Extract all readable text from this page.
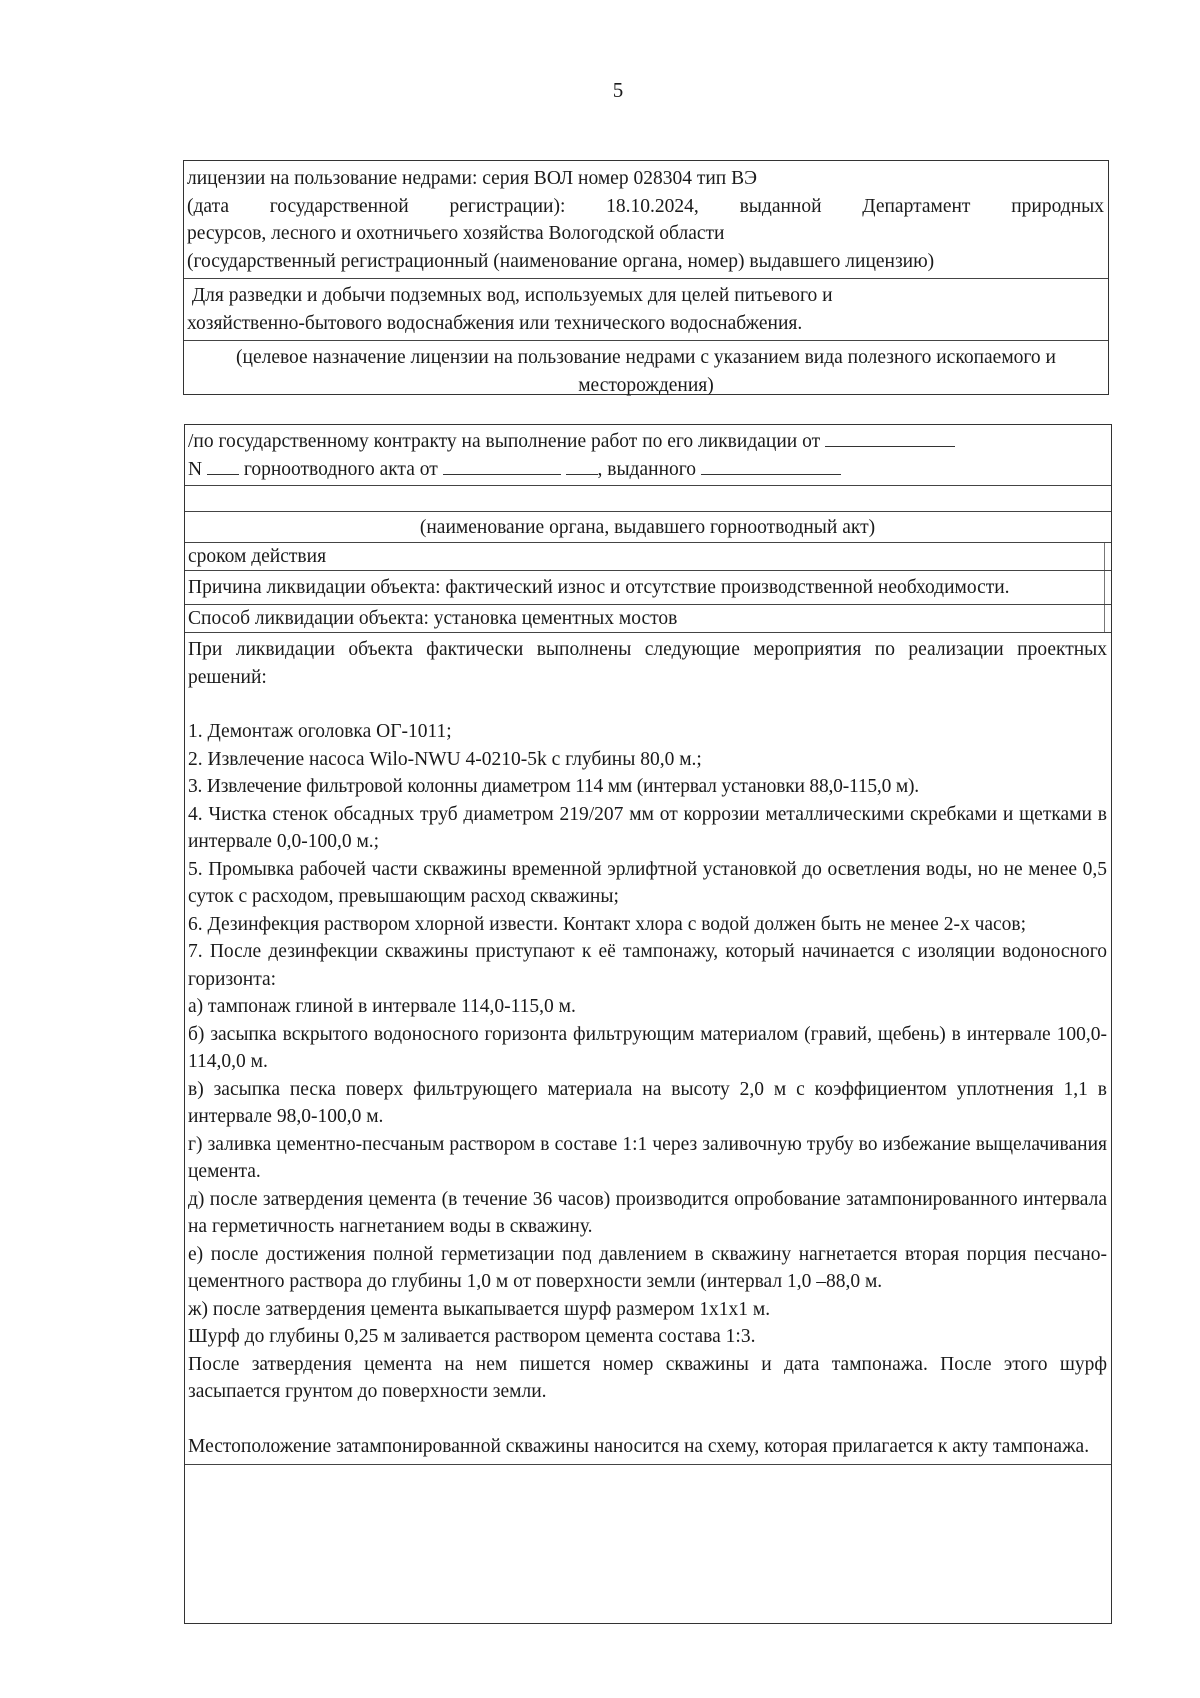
5
лицензии на пользование недрами: серия ВОЛ номер 028304 тип ВЭ
(дата государственной регистрации): 18.10.2024, выданной Департамент природных
ресурсов, лесного и охотничьего хозяйства Вологодской области
(государственный регистрационный (наименование органа, номер) выдавшего лицензию)
Для разведки и добычи подземных вод, используемых для целей питьевого и
хозяйственно-бытового водоснабжения или технического водоснабжения.
(целевое назначение лицензии на пользование недрами с указанием вида полезного ископаемого и месторождения)
/по государственному контракту на выполнение работ по его ликвидации от
N горноотводного акта от	, выданного
(наименование органа, выдавшего горноотводный акт)
сроком действия
Причина ликвидации объекта: фактический износ и отсутствие производственной необходимости.
Способ ликвидации объекта: установка цементных мостов
При ликвидации объекта фактически выполнены следующие мероприятия по реализации проектных решений:
1. Демонтаж оголовка ОГ-1011;
2. Извлечение насоса Wilo-NWU 4-0210-5k с глубины 80,0 м.;
3. Извлечение фильтровой колонны диаметром 114 мм (интервал установки 88,0-115,0 м).
4. Чистка стенок обсадных труб диаметром 219/207 мм от коррозии металлическими скребками и щетками в интервале 0,0-100,0 м.;
5. Промывка рабочей части скважины временной эрлифтной установкой до осветления воды, но не менее 0,5 суток с расходом, превышающим расход скважины;
6. Дезинфекция раствором хлорной извести. Контакт хлора с водой должен быть не менее 2-х часов;
7. После дезинфекции скважины приступают к её тампонажу, который начинается с изоляции водоносного горизонта:
а) тампонаж глиной в интервале 114,0-115,0 м.
б) засыпка вскрытого водоносного горизонта фильтрующим материалом (гравий, щебень) в интервале 100,0-114,0,0 м.
в) засыпка песка поверх фильтрующего материала на высоту 2,0 м с коэффициентом уплотнения 1,1 в интервале 98,0-100,0 м.
г) заливка цементно-песчаным раствором в составе 1:1 через заливочную трубу во избежание выщелачивания цемента.
д) после затвердения цемента (в течение 36 часов) производится опробование затампонированного интервала на герметичность нагнетанием воды в скважину.
е) после достижения полной герметизации под давлением в скважину нагнетается вторая порция песчано-цементного раствора до глубины 1,0 м от поверхности земли (интервал 1,0 –88,0 м.
ж) после затвердения цемента выкапывается шурф размером 1х1х1 м.
Шурф до глубины 0,25 м заливается раствором цемента состава 1:3.
После затвердения цемента на нем пишется номер скважины и дата тампонажа. После этого шурф засыпается грунтом до поверхности земли.
Местоположение затампонированной скважины наносится на схему, которая прилагается к акту тампонажа.
